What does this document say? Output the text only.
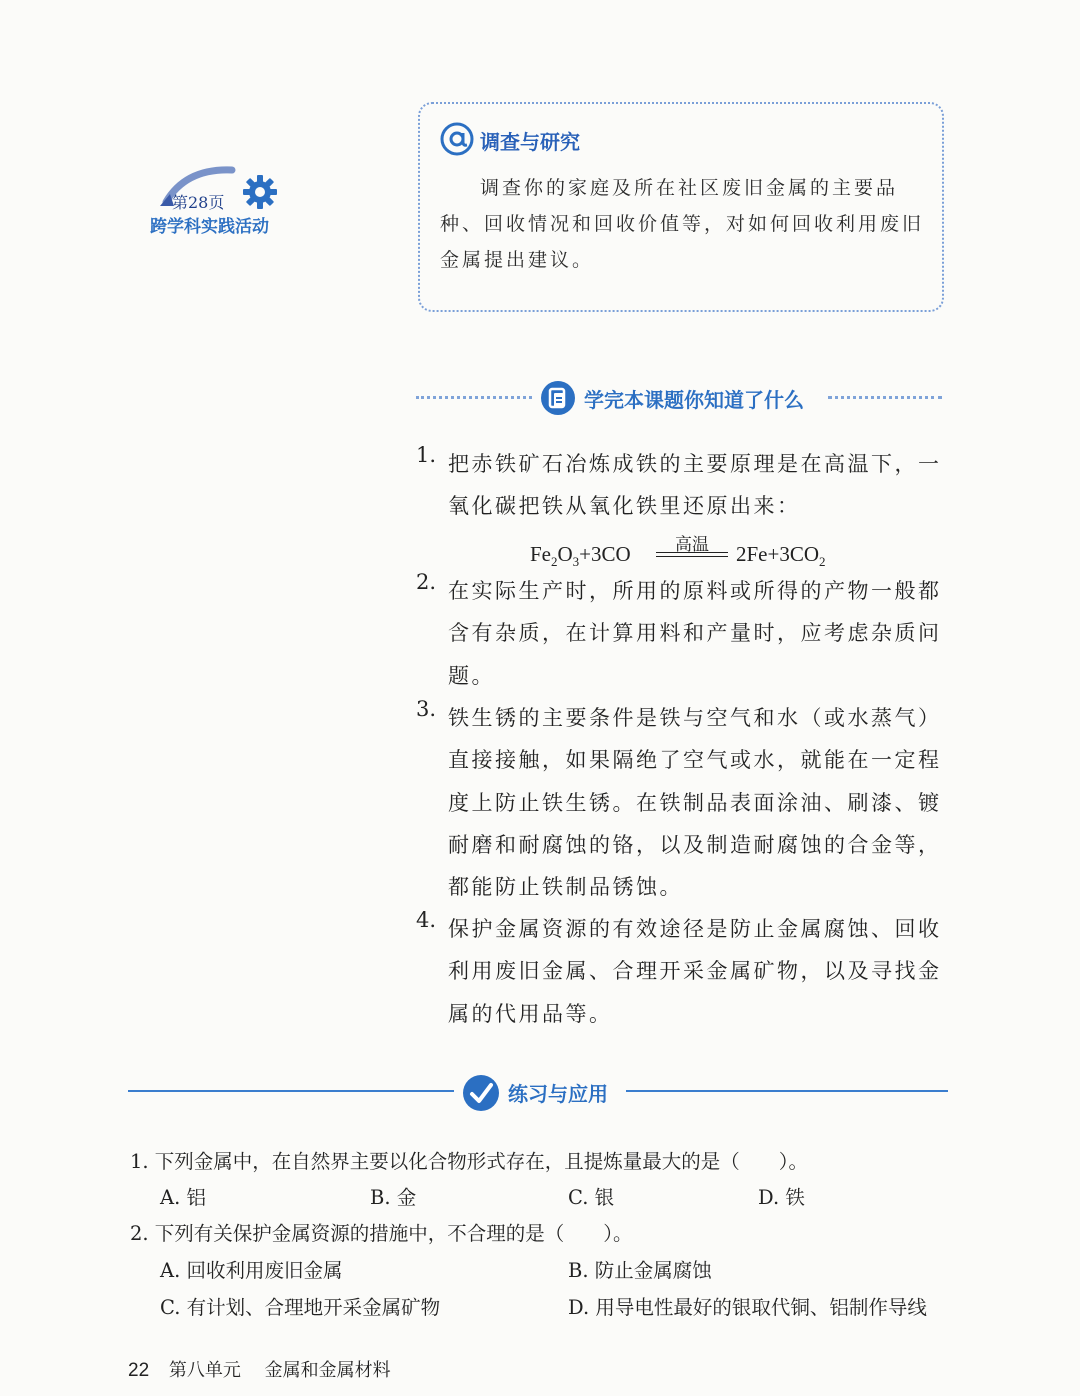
第28页
跨学科实践活动
调查与研究
调查你的家庭及所在社区废旧金属的主要品种、回收情况和回收价值等，对如何回收利用废旧金属提出建议。
学完本课题你知道了什么
1. 把赤铁矿石冶炼成铁的主要原理是在高温下，一氧化碳把铁从氧化铁里还原出来：
$Fe_2O_3+3CO$	高温	$2Fe+3CO_2$
2. 在实际生产时，所用的原料或所得的产物一般都含有杂质，在计算用料和产量时，应考虑杂质问题。
3. 铁生锈的主要条件是铁与空气和水（或水蒸气）直接接触，如果隔绝了空气或水，就能在一定程度上防止铁生锈。在铁制品表面涂油、刷漆、镀耐磨和耐腐蚀的铬，以及制造耐腐蚀的合金等，都能防止铁制品锈蚀。
4. 保护金属资源的有效途径是防止金属腐蚀、回收利用废旧金属、合理开采金属矿物，以及寻找金属的代用品等。
练习与应用
1. 下列金属中，在自然界主要以化合物形式存在，且提炼量最大的是（　　）。
A. 铝	B. 金	C. 银	D. 铁
2. 下列有关保护金属资源的措施中，不合理的是（　　）。
A. 回收利用废旧金属	B. 防止金属腐蚀
C. 有计划、合理地开采金属矿物	D. 用导电性最好的银取代铜、铝制作导线
22 第八单元 金属和金属材料
